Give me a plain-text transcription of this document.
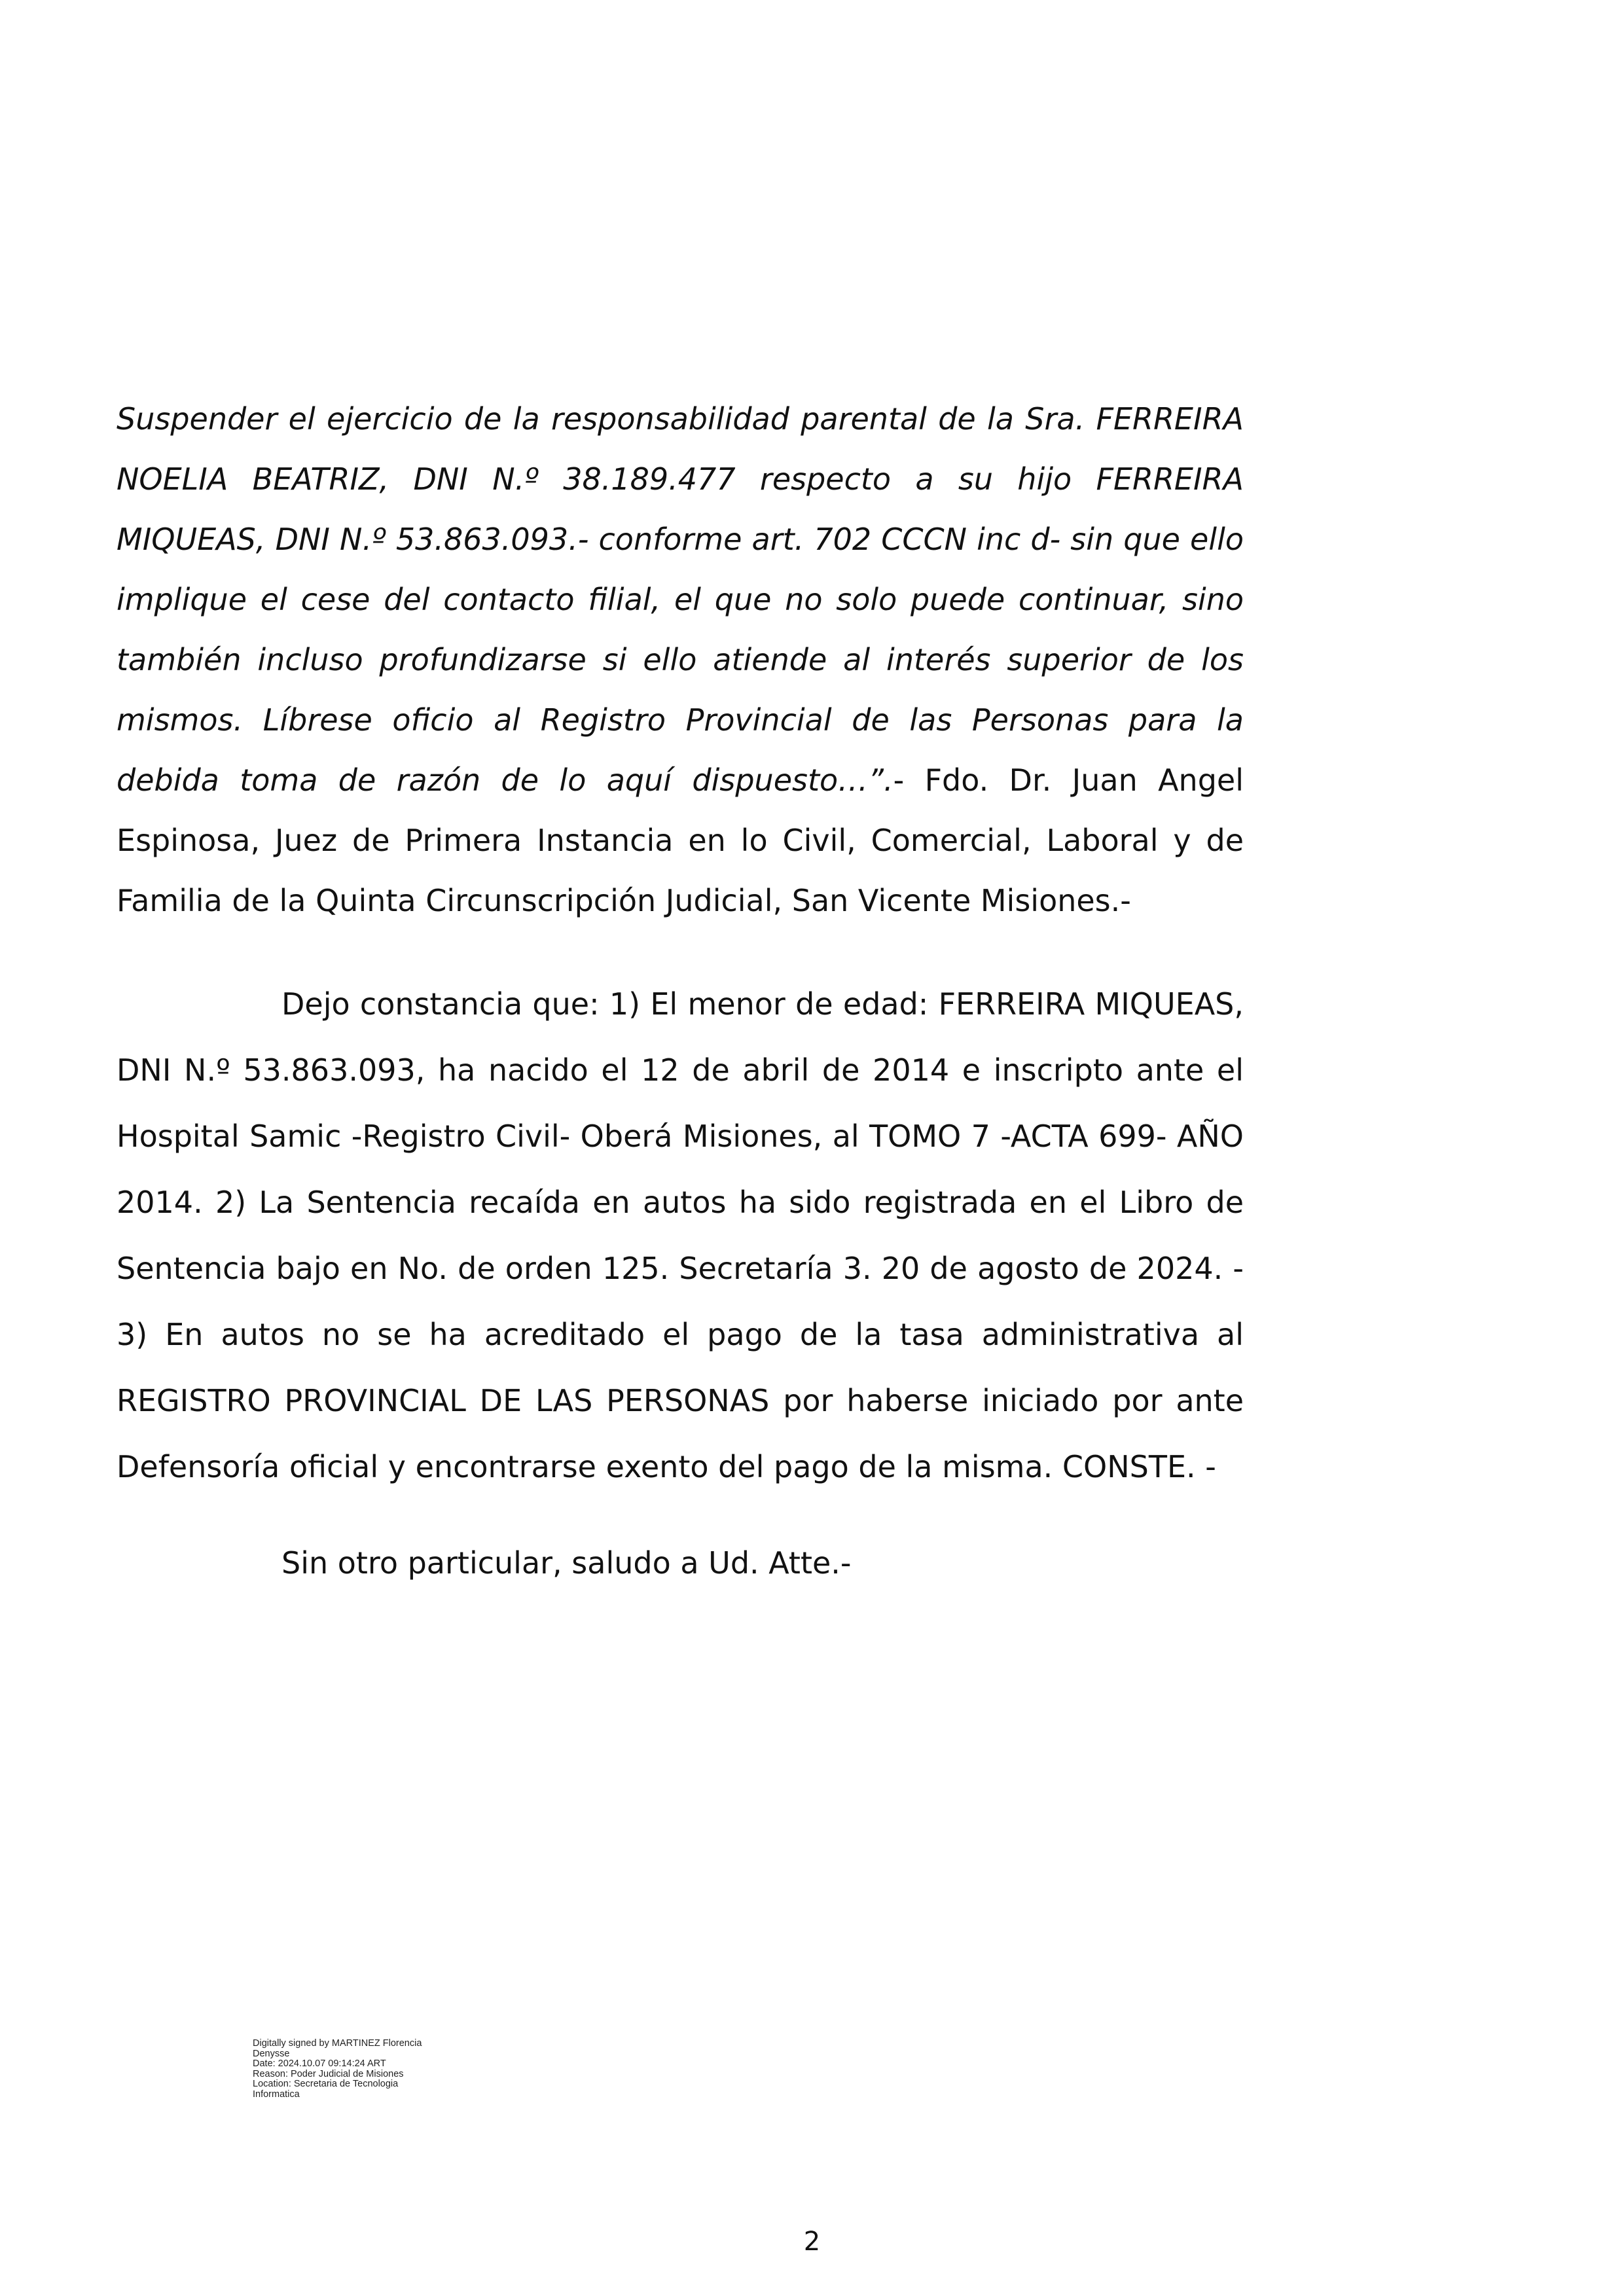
Suspender el ejercicio de la responsabilidad parental de la Sra. FERREIRA NOELIA BEATRIZ, DNI N.º 38.189.477 respecto a su hijo FERREIRA MIQUEAS, DNI N.º 53.863.093.- conforme art. 702 CCCN inc d- sin que ello implique el cese del contacto filial, el que no solo puede continuar, sino también incluso profundizarse si ello atiende al interés superior de los mismos. Líbrese oficio al Registro Provincial de las Personas para la debida toma de razón de lo aquí dispuesto…”.- Fdo. Dr. Juan Angel Espinosa, Juez de Primera Instancia en lo Civil, Comercial, Laboral y de Familia de la Quinta Circunscripción Judicial, San Vicente Misiones.-

Dejo constancia que: 1) El menor de edad: FERREIRA MIQUEAS, DNI N.º 53.863.093, ha nacido el 12 de abril de 2014 e inscripto ante el Hospital Samic -Registro Civil- Oberá Misiones, al TOMO 7 -ACTA 699- AÑO 2014. 2) La Sentencia recaída en autos ha sido registrada en el Libro de Sentencia bajo en No. de orden 125. Secretaría 3. 20 de agosto de 2024. - 3) En autos no se ha acreditado el pago de la tasa administrativa al REGISTRO PROVINCIAL DE LAS PERSONAS por haberse iniciado por ante Defensoría oficial y encontrarse exento del pago de la misma. CONSTE. -

Sin otro particular, saludo a Ud. Atte.-

Digitally signed by MARTINEZ Florencia
Denysse
Date: 2024.10.07 09:14:24 ART
Reason: Poder Judicial de Misiones
Location: Secretaria de Tecnologia
Informatica
2
